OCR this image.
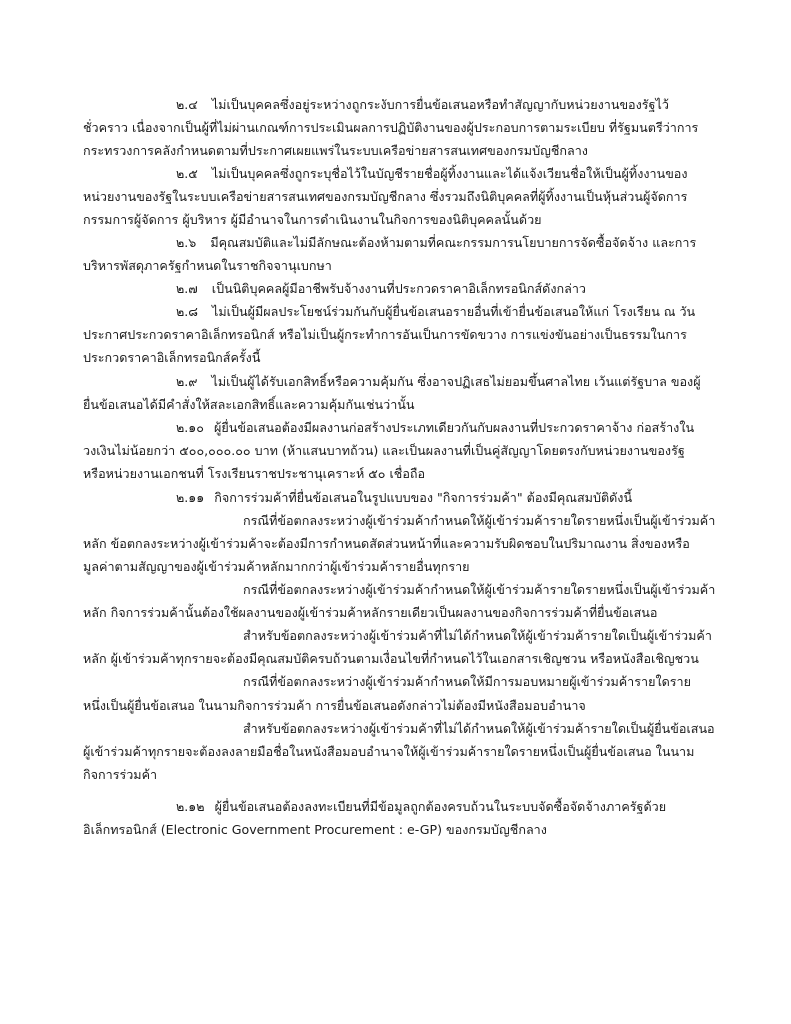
๒.๔ ไม่เป็นบุคคลซึ่งอยู่ระหว่างถูกระงับการยื่นข้อเสนอหรือทำสัญญากับหน่วยงานของรัฐไว้
ชั่วคราว เนื่องจากเป็นผู้ที่ไม่ผ่านเกณฑ์การประเมินผลการปฏิบัติงานของผู้ประกอบการตามระเบียบ ที่รัฐมนตรีว่าการ
กระทรวงการคลังกำหนดตามที่ประกาศเผยแพร่ในระบบเครือข่ายสารสนเทศของกรมบัญชีกลาง
๒.๕ ไม่เป็นบุคคลซึ่งถูกระบุชื่อไว้ในบัญชีรายชื่อผู้ทิ้งงานและได้แจ้งเวียนชื่อให้เป็นผู้ทิ้งงานของ
หน่วยงานของรัฐในระบบเครือข่ายสารสนเทศของกรมบัญชีกลาง ซึ่งรวมถึงนิติบุคคลที่ผู้ทิ้งงานเป็นหุ้นส่วนผู้จัดการ
กรรมการผู้จัดการ ผู้บริหาร ผู้มีอำนาจในการดำเนินงานในกิจการของนิติบุคคลนั้นด้วย
๒.๖ มีคุณสมบัติและไม่มีลักษณะต้องห้ามตามที่คณะกรรมการนโยบายการจัดซื้อจัดจ้าง และการ
บริหารพัสดุภาครัฐกำหนดในราชกิจจานุเบกษา
๒.๗ เป็นนิติบุคคลผู้มีอาชีพรับจ้างงานที่ประกวดราคาอิเล็กทรอนิกส์ดังกล่าว
๒.๘ ไม่เป็นผู้มีผลประโยชน์ร่วมกันกับผู้ยื่นข้อเสนอรายอื่นที่เข้ายื่นข้อเสนอให้แก่ โรงเรียน ณ วัน
ประกาศประกวดราคาอิเล็กทรอนิกส์ หรือไม่เป็นผู้กระทำการอันเป็นการขัดขวาง การแข่งขันอย่างเป็นธรรมในการ
ประกวดราคาอิเล็กทรอนิกส์ครั้งนี้
๒.๙ ไม่เป็นผู้ได้รับเอกสิทธิ์หรือความคุ้มกัน ซึ่งอาจปฏิเสธไม่ยอมขึ้นศาลไทย เว้นแต่รัฐบาล ของผู้
ยื่นข้อเสนอได้มีคำสั่งให้สละเอกสิทธิ์และความคุ้มกันเช่นว่านั้น
๒.๑๐ ผู้ยื่นข้อเสนอต้องมีผลงานก่อสร้างประเภทเดียวกันกับผลงานที่ประกวดราคาจ้าง ก่อสร้างใน
วงเงินไม่น้อยกว่า ๕๐๐,๐๐๐.๐๐ บาท (ห้าแสนบาทถ้วน) และเป็นผลงานที่เป็นคู่สัญญาโดยตรงกับหน่วยงานของรัฐ
หรือหน่วยงานเอกชนที่ โรงเรียนราชประชานุเคราะห์ ๕๐ เชื่อถือ
๒.๑๑ กิจการร่วมค้าที่ยื่นข้อเสนอในรูปแบบของ "กิจการร่วมค้า" ต้องมีคุณสมบัติดังนี้
กรณีที่ข้อตกลงระหว่างผู้เข้าร่วมค้ากำหนดให้ผู้เข้าร่วมค้ารายใดรายหนึ่งเป็นผู้เข้าร่วมค้า
หลัก ข้อตกลงระหว่างผู้เข้าร่วมค้าจะต้องมีการกำหนดสัดส่วนหน้าที่และความรับผิดชอบในปริมาณงาน สิ่งของหรือ
มูลค่าตามสัญญาของผู้เข้าร่วมค้าหลักมากกว่าผู้เข้าร่วมค้ารายอื่นทุกราย
กรณีที่ข้อตกลงระหว่างผู้เข้าร่วมค้ากำหนดให้ผู้เข้าร่วมค้ารายใดรายหนึ่งเป็นผู้เข้าร่วมค้า
หลัก กิจการร่วมค้านั้นต้องใช้ผลงานของผู้เข้าร่วมค้าหลักรายเดียวเป็นผลงานของกิจการร่วมค้าที่ยื่นข้อเสนอ
สำหรับข้อตกลงระหว่างผู้เข้าร่วมค้าที่ไม่ได้กำหนดให้ผู้เข้าร่วมค้ารายใดเป็นผู้เข้าร่วมค้า
หลัก ผู้เข้าร่วมค้าทุกรายจะต้องมีคุณสมบัติครบถ้วนตามเงื่อนไขที่กำหนดไว้ในเอกสารเชิญชวน หรือหนังสือเชิญชวน
กรณีที่ข้อตกลงระหว่างผู้เข้าร่วมค้ากำหนดให้มีการมอบหมายผู้เข้าร่วมค้ารายใดราย
หนึ่งเป็นผู้ยื่นข้อเสนอ ในนามกิจการร่วมค้า การยื่นข้อเสนอดังกล่าวไม่ต้องมีหนังสือมอบอำนาจ
สำหรับข้อตกลงระหว่างผู้เข้าร่วมค้าที่ไม่ได้กำหนดให้ผู้เข้าร่วมค้ารายใดเป็นผู้ยื่นข้อเสนอ
ผู้เข้าร่วมค้าทุกรายจะต้องลงลายมือชื่อในหนังสือมอบอำนาจให้ผู้เข้าร่วมค้ารายใดรายหนึ่งเป็นผู้ยื่นข้อเสนอ ในนาม
กิจการร่วมค้า
๒.๑๒ ผู้ยื่นข้อเสนอต้องลงทะเบียนที่มีข้อมูลถูกต้องครบถ้วนในระบบจัดซื้อจัดจ้างภาครัฐด้วย
อิเล็กทรอนิกส์ (Electronic Government Procurement : e-GP) ของกรมบัญชีกลาง
